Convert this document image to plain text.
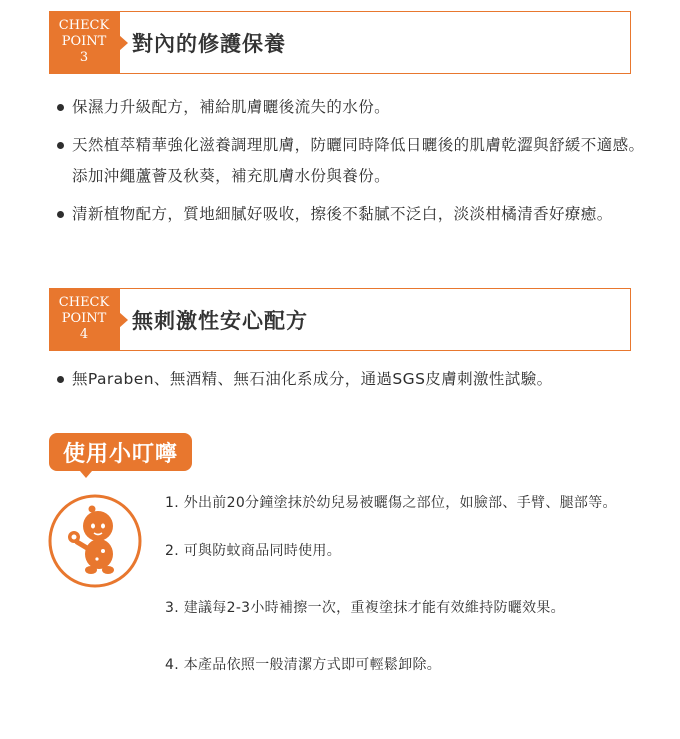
CHECK
POINT
3
對內的修護保養
保濕力升級配方，補給肌膚曬後流失的水份。
天然植萃精華強化滋養調理肌膚，防曬同時降低日曬後的肌膚乾澀與舒緩不適感。添加沖繩蘆薈及秋葵，補充肌膚水份與養份。
清新植物配方，質地細膩好吸收，擦後不黏膩不泛白，淡淡柑橘清香好療癒。
CHECK
POINT
4
無刺激性安心配方
無Paraben、無酒精、無石油化系成分，通過SGS皮膚刺激性試驗。
使用小叮嚀
1. 外出前20分鐘塗抹於幼兒易被曬傷之部位，如臉部、手臂、腿部等。
2. 可與防蚊商品同時使用。
3. 建議每2-3小時補擦一次，重複塗抹才能有效維持防曬效果。
4. 本產品依照一般清潔方式即可輕鬆卸除。
